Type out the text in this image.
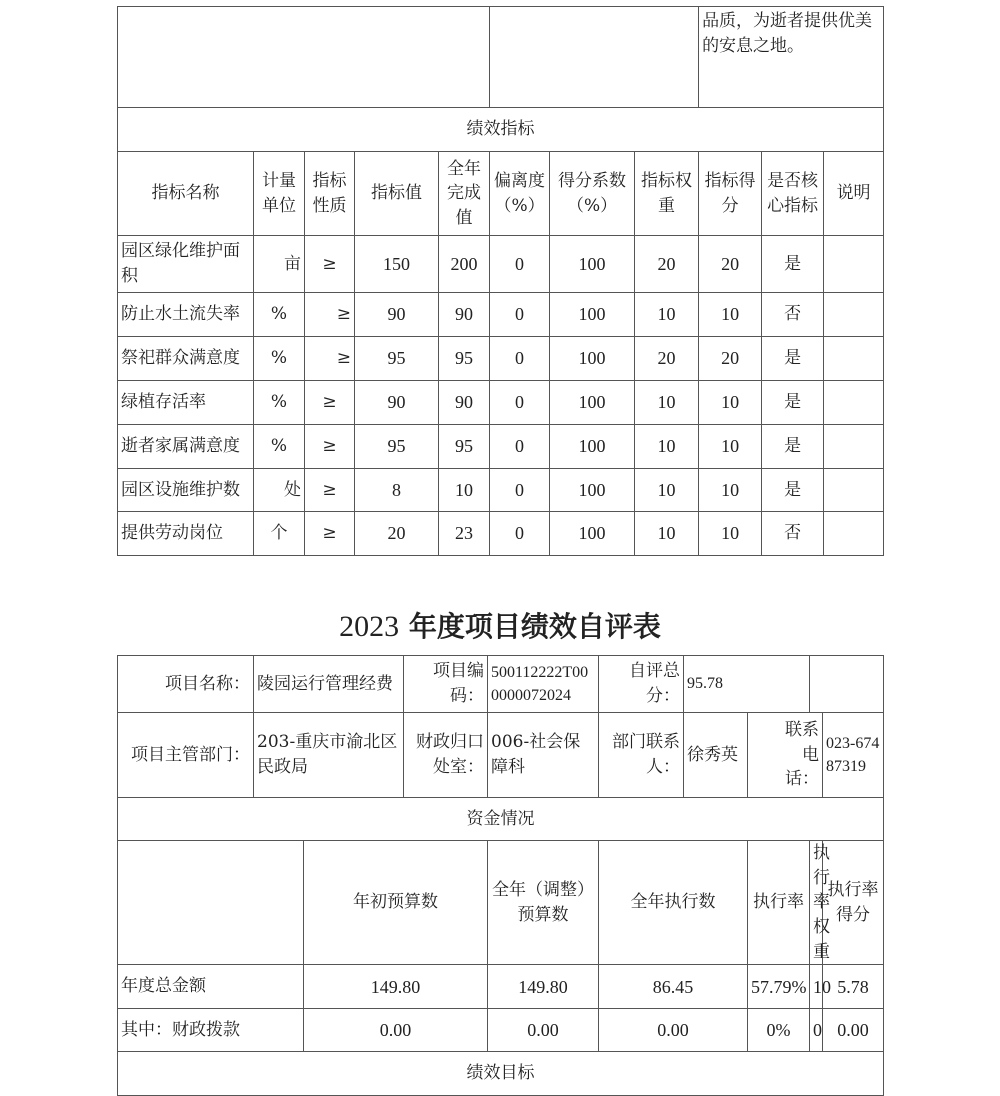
								品质，为逝者提供优美的安息之地。		
绩效指标										
指标名称	计量单位	指标性质	指标值	全年完成值	偏离度（%）	得分系数（%）	指标权重	指标得分	是否核心指标	说明
园区绿化维护面积	亩	≥	150	200	0	100	20	20	是	
防止水土流失率	%	≥	90	90	0	100	10	10	否	
祭祀群众满意度	%	≥	95	95	0	100	20	20	是	
绿植存活率	%	≥	90	90	0	100	10	10	是	
逝者家属满意度	%	≥	95	95	0	100	10	10	是	
园区设施维护数	处	≥	8	10	0	100	10	10	是	
提供劳动岗位	个	≥	20	23	0	100	10	10	否	
2023 年度项目绩效自评表
项目名称：	陵园运行管理经费		项目编码：	500112222T000000072024	自评总分：	95.78			
项目主管部门：	203-重庆市渝北区民政局		财政归口处室：	006-社会保障科	部门联系人：	徐秀英	联系电话：		023-67487319
资金情况									
		年初预算数		全年（调整）预算数	全年执行数		执行率	执行率权重	执行率得分
年度总金额		149.80		149.80	86.45		57.79%	10	5.78
其中：财政拨款		0.00		0.00	0.00		0%	0	0.00
绩效目标									
